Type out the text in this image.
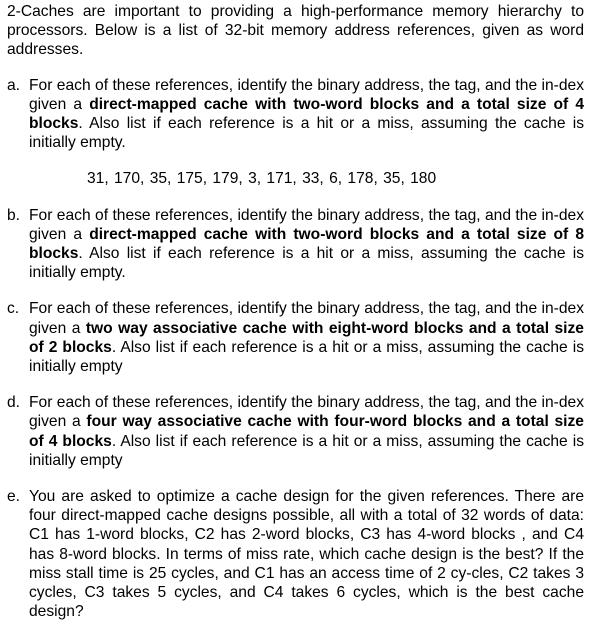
2-Caches are important to providing a high-performance memory hierarchy to processors. Below is a list of 32-bit memory address references, given as word addresses.

a. For each of these references, identify the binary address, the tag, and the in-dex given a direct-mapped cache with two-word blocks and a total size of 4 blocks. Also list if each reference is a hit or a miss, assuming the cache is initially empty.
31, 170, 35, 175, 179, 3, 171, 33, 6, 178, 35, 180
b. For each of these references, identify the binary address, the tag, and the in-dex given a direct-mapped cache with two-word blocks and a total size of 8 blocks. Also list if each reference is a hit or a miss, assuming the cache is initially empty.
c. For each of these references, identify the binary address, the tag, and the in-dex given a two way associative cache with eight-word blocks and a total size of 2 blocks. Also list if each reference is a hit or a miss, assuming the cache is initially empty
d. For each of these references, identify the binary address, the tag, and the in-dex given a four way associative cache with four-word blocks and a total size of 4 blocks. Also list if each reference is a hit or a miss, assuming the cache is initially empty
e. You are asked to optimize a cache design for the given references. There are four direct-mapped cache designs possible, all with a total of 32 words of data: C1 has 1-word blocks, C2 has 2-word blocks, C3 has 4-word blocks , and C4 has 8-word blocks. In terms of miss rate, which cache design is the best? If the miss stall time is 25 cycles, and C1 has an access time of 2 cy-cles, C2 takes 3 cycles, C3 takes 5 cycles, and C4 takes 6 cycles, which is the best cache design?
